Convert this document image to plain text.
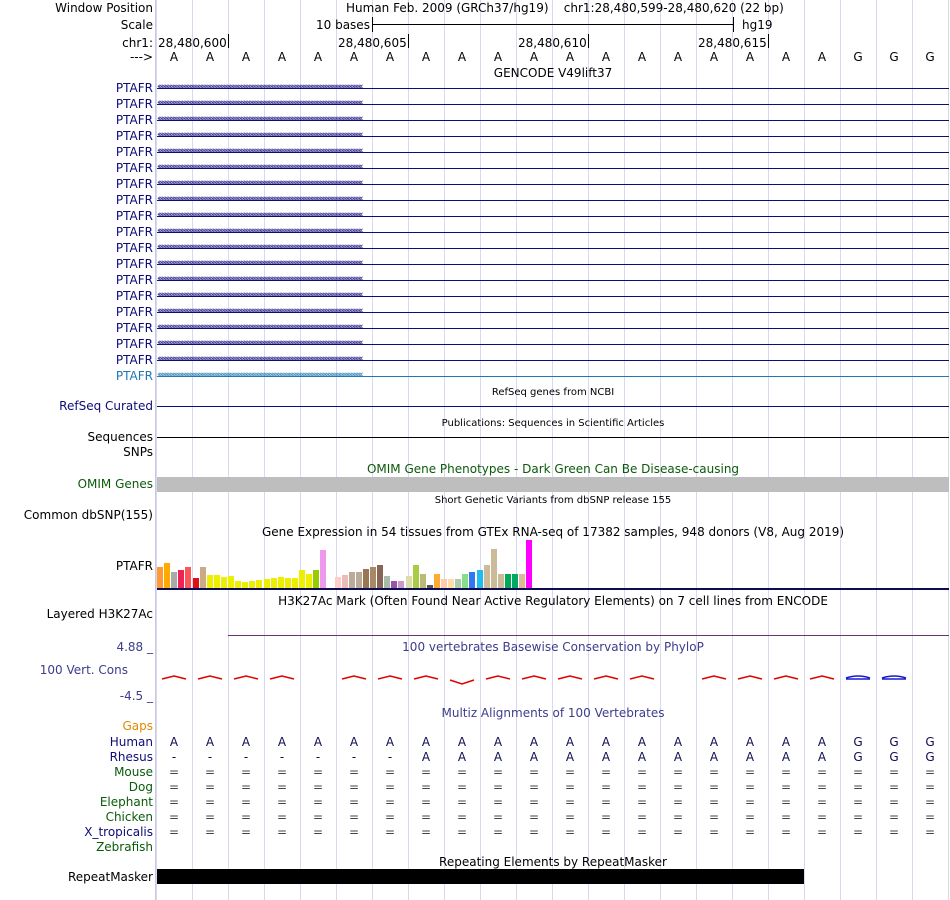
Window Position	Human Feb. 2009 (GRCh37/hg19) chr1:28,480,599-28,480,620 (22 bp)
Scale	10 bases	hg19
chr1: 28,480,600	28,480,605	28,480,610	28,480,615
--->	A	A	A	A	A	A	A	A	A	A	A	A	A	A	A	A	A	A	A	G	G	G
GENCODE V49lift37
PTAFR ‹‹‹‹‹‹‹‹‹‹‹‹‹‹‹‹‹‹‹‹‹‹‹‹‹‹‹‹‹‹‹‹‹‹‹‹‹‹‹‹‹‹‹‹‹‹‹‹‹‹‹‹‹‹‹‹‹‹‹‹‹‹‹‹‹‹‹‹‹‹‹‹‹‹‹‹‹‹‹‹‹‹‹‹‹‹‹‹‹‹‹‹‹‹‹‹‹‹‹‹‹‹‹‹‹‹‹‹‹‹‹‹‹‹‹‹‹‹‹‹‹‹‹‹‹‹‹‹‹‹‹‹
PTAFR ‹‹‹‹‹‹‹‹‹‹‹‹‹‹‹‹‹‹‹‹‹‹‹‹‹‹‹‹‹‹‹‹‹‹‹‹‹‹‹‹‹‹‹‹‹‹‹‹‹‹‹‹‹‹‹‹‹‹‹‹‹‹‹‹‹‹‹‹‹‹‹‹‹‹‹‹‹‹‹‹‹‹‹‹‹‹‹‹‹‹‹‹‹‹‹‹‹‹‹‹‹‹‹‹‹‹‹‹‹‹‹‹‹‹‹‹‹‹‹‹‹‹‹‹‹‹‹‹‹‹‹‹
PTAFR ‹‹‹‹‹‹‹‹‹‹‹‹‹‹‹‹‹‹‹‹‹‹‹‹‹‹‹‹‹‹‹‹‹‹‹‹‹‹‹‹‹‹‹‹‹‹‹‹‹‹‹‹‹‹‹‹‹‹‹‹‹‹‹‹‹‹‹‹‹‹‹‹‹‹‹‹‹‹‹‹‹‹‹‹‹‹‹‹‹‹‹‹‹‹‹‹‹‹‹‹‹‹‹‹‹‹‹‹‹‹‹‹‹‹‹‹‹‹‹‹‹‹‹‹‹‹‹‹‹‹‹‹
PTAFR ‹‹‹‹‹‹‹‹‹‹‹‹‹‹‹‹‹‹‹‹‹‹‹‹‹‹‹‹‹‹‹‹‹‹‹‹‹‹‹‹‹‹‹‹‹‹‹‹‹‹‹‹‹‹‹‹‹‹‹‹‹‹‹‹‹‹‹‹‹‹‹‹‹‹‹‹‹‹‹‹‹‹‹‹‹‹‹‹‹‹‹‹‹‹‹‹‹‹‹‹‹‹‹‹‹‹‹‹‹‹‹‹‹‹‹‹‹‹‹‹‹‹‹‹‹‹‹‹‹‹‹‹
PTAFR ‹‹‹‹‹‹‹‹‹‹‹‹‹‹‹‹‹‹‹‹‹‹‹‹‹‹‹‹‹‹‹‹‹‹‹‹‹‹‹‹‹‹‹‹‹‹‹‹‹‹‹‹‹‹‹‹‹‹‹‹‹‹‹‹‹‹‹‹‹‹‹‹‹‹‹‹‹‹‹‹‹‹‹‹‹‹‹‹‹‹‹‹‹‹‹‹‹‹‹‹‹‹‹‹‹‹‹‹‹‹‹‹‹‹‹‹‹‹‹‹‹‹‹‹‹‹‹‹‹‹‹‹
PTAFR ‹‹‹‹‹‹‹‹‹‹‹‹‹‹‹‹‹‹‹‹‹‹‹‹‹‹‹‹‹‹‹‹‹‹‹‹‹‹‹‹‹‹‹‹‹‹‹‹‹‹‹‹‹‹‹‹‹‹‹‹‹‹‹‹‹‹‹‹‹‹‹‹‹‹‹‹‹‹‹‹‹‹‹‹‹‹‹‹‹‹‹‹‹‹‹‹‹‹‹‹‹‹‹‹‹‹‹‹‹‹‹‹‹‹‹‹‹‹‹‹‹‹‹‹‹‹‹‹‹‹‹‹
PTAFR ‹‹‹‹‹‹‹‹‹‹‹‹‹‹‹‹‹‹‹‹‹‹‹‹‹‹‹‹‹‹‹‹‹‹‹‹‹‹‹‹‹‹‹‹‹‹‹‹‹‹‹‹‹‹‹‹‹‹‹‹‹‹‹‹‹‹‹‹‹‹‹‹‹‹‹‹‹‹‹‹‹‹‹‹‹‹‹‹‹‹‹‹‹‹‹‹‹‹‹‹‹‹‹‹‹‹‹‹‹‹‹‹‹‹‹‹‹‹‹‹‹‹‹‹‹‹‹‹‹‹‹‹
PTAFR ‹‹‹‹‹‹‹‹‹‹‹‹‹‹‹‹‹‹‹‹‹‹‹‹‹‹‹‹‹‹‹‹‹‹‹‹‹‹‹‹‹‹‹‹‹‹‹‹‹‹‹‹‹‹‹‹‹‹‹‹‹‹‹‹‹‹‹‹‹‹‹‹‹‹‹‹‹‹‹‹‹‹‹‹‹‹‹‹‹‹‹‹‹‹‹‹‹‹‹‹‹‹‹‹‹‹‹‹‹‹‹‹‹‹‹‹‹‹‹‹‹‹‹‹‹‹‹‹‹‹‹‹
PTAFR ‹‹‹‹‹‹‹‹‹‹‹‹‹‹‹‹‹‹‹‹‹‹‹‹‹‹‹‹‹‹‹‹‹‹‹‹‹‹‹‹‹‹‹‹‹‹‹‹‹‹‹‹‹‹‹‹‹‹‹‹‹‹‹‹‹‹‹‹‹‹‹‹‹‹‹‹‹‹‹‹‹‹‹‹‹‹‹‹‹‹‹‹‹‹‹‹‹‹‹‹‹‹‹‹‹‹‹‹‹‹‹‹‹‹‹‹‹‹‹‹‹‹‹‹‹‹‹‹‹‹‹‹
PTAFR ‹‹‹‹‹‹‹‹‹‹‹‹‹‹‹‹‹‹‹‹‹‹‹‹‹‹‹‹‹‹‹‹‹‹‹‹‹‹‹‹‹‹‹‹‹‹‹‹‹‹‹‹‹‹‹‹‹‹‹‹‹‹‹‹‹‹‹‹‹‹‹‹‹‹‹‹‹‹‹‹‹‹‹‹‹‹‹‹‹‹‹‹‹‹‹‹‹‹‹‹‹‹‹‹‹‹‹‹‹‹‹‹‹‹‹‹‹‹‹‹‹‹‹‹‹‹‹‹‹‹‹‹
PTAFR ‹‹‹‹‹‹‹‹‹‹‹‹‹‹‹‹‹‹‹‹‹‹‹‹‹‹‹‹‹‹‹‹‹‹‹‹‹‹‹‹‹‹‹‹‹‹‹‹‹‹‹‹‹‹‹‹‹‹‹‹‹‹‹‹‹‹‹‹‹‹‹‹‹‹‹‹‹‹‹‹‹‹‹‹‹‹‹‹‹‹‹‹‹‹‹‹‹‹‹‹‹‹‹‹‹‹‹‹‹‹‹‹‹‹‹‹‹‹‹‹‹‹‹‹‹‹‹‹‹‹‹‹
PTAFR ‹‹‹‹‹‹‹‹‹‹‹‹‹‹‹‹‹‹‹‹‹‹‹‹‹‹‹‹‹‹‹‹‹‹‹‹‹‹‹‹‹‹‹‹‹‹‹‹‹‹‹‹‹‹‹‹‹‹‹‹‹‹‹‹‹‹‹‹‹‹‹‹‹‹‹‹‹‹‹‹‹‹‹‹‹‹‹‹‹‹‹‹‹‹‹‹‹‹‹‹‹‹‹‹‹‹‹‹‹‹‹‹‹‹‹‹‹‹‹‹‹‹‹‹‹‹‹‹‹‹‹‹
PTAFR ‹‹‹‹‹‹‹‹‹‹‹‹‹‹‹‹‹‹‹‹‹‹‹‹‹‹‹‹‹‹‹‹‹‹‹‹‹‹‹‹‹‹‹‹‹‹‹‹‹‹‹‹‹‹‹‹‹‹‹‹‹‹‹‹‹‹‹‹‹‹‹‹‹‹‹‹‹‹‹‹‹‹‹‹‹‹‹‹‹‹‹‹‹‹‹‹‹‹‹‹‹‹‹‹‹‹‹‹‹‹‹‹‹‹‹‹‹‹‹‹‹‹‹‹‹‹‹‹‹‹‹‹
PTAFR ‹‹‹‹‹‹‹‹‹‹‹‹‹‹‹‹‹‹‹‹‹‹‹‹‹‹‹‹‹‹‹‹‹‹‹‹‹‹‹‹‹‹‹‹‹‹‹‹‹‹‹‹‹‹‹‹‹‹‹‹‹‹‹‹‹‹‹‹‹‹‹‹‹‹‹‹‹‹‹‹‹‹‹‹‹‹‹‹‹‹‹‹‹‹‹‹‹‹‹‹‹‹‹‹‹‹‹‹‹‹‹‹‹‹‹‹‹‹‹‹‹‹‹‹‹‹‹‹‹‹‹‹
PTAFR ‹‹‹‹‹‹‹‹‹‹‹‹‹‹‹‹‹‹‹‹‹‹‹‹‹‹‹‹‹‹‹‹‹‹‹‹‹‹‹‹‹‹‹‹‹‹‹‹‹‹‹‹‹‹‹‹‹‹‹‹‹‹‹‹‹‹‹‹‹‹‹‹‹‹‹‹‹‹‹‹‹‹‹‹‹‹‹‹‹‹‹‹‹‹‹‹‹‹‹‹‹‹‹‹‹‹‹‹‹‹‹‹‹‹‹‹‹‹‹‹‹‹‹‹‹‹‹‹‹‹‹‹
PTAFR ‹‹‹‹‹‹‹‹‹‹‹‹‹‹‹‹‹‹‹‹‹‹‹‹‹‹‹‹‹‹‹‹‹‹‹‹‹‹‹‹‹‹‹‹‹‹‹‹‹‹‹‹‹‹‹‹‹‹‹‹‹‹‹‹‹‹‹‹‹‹‹‹‹‹‹‹‹‹‹‹‹‹‹‹‹‹‹‹‹‹‹‹‹‹‹‹‹‹‹‹‹‹‹‹‹‹‹‹‹‹‹‹‹‹‹‹‹‹‹‹‹‹‹‹‹‹‹‹‹‹‹‹
PTAFR ‹‹‹‹‹‹‹‹‹‹‹‹‹‹‹‹‹‹‹‹‹‹‹‹‹‹‹‹‹‹‹‹‹‹‹‹‹‹‹‹‹‹‹‹‹‹‹‹‹‹‹‹‹‹‹‹‹‹‹‹‹‹‹‹‹‹‹‹‹‹‹‹‹‹‹‹‹‹‹‹‹‹‹‹‹‹‹‹‹‹‹‹‹‹‹‹‹‹‹‹‹‹‹‹‹‹‹‹‹‹‹‹‹‹‹‹‹‹‹‹‹‹‹‹‹‹‹‹‹‹‹‹
PTAFR ‹‹‹‹‹‹‹‹‹‹‹‹‹‹‹‹‹‹‹‹‹‹‹‹‹‹‹‹‹‹‹‹‹‹‹‹‹‹‹‹‹‹‹‹‹‹‹‹‹‹‹‹‹‹‹‹‹‹‹‹‹‹‹‹‹‹‹‹‹‹‹‹‹‹‹‹‹‹‹‹‹‹‹‹‹‹‹‹‹‹‹‹‹‹‹‹‹‹‹‹‹‹‹‹‹‹‹‹‹‹‹‹‹‹‹‹‹‹‹‹‹‹‹‹‹‹‹‹‹‹‹‹
PTAFR ‹‹‹‹‹‹‹‹‹‹‹‹‹‹‹‹‹‹‹‹‹‹‹‹‹‹‹‹‹‹‹‹‹‹‹‹‹‹‹‹‹‹‹‹‹‹‹‹‹‹‹‹‹‹‹‹‹‹‹‹‹‹‹‹‹‹‹‹‹‹‹‹‹‹‹‹‹‹‹‹‹‹‹‹‹‹‹‹‹‹‹‹‹‹‹‹‹‹‹‹‹‹‹‹‹‹‹‹‹‹‹‹‹‹‹‹‹‹‹‹‹‹‹‹‹‹‹‹‹‹‹‹
RefSeq genes from NCBI
RefSeq Curated
Publications: Sequences in Scientific Articles
Sequences
SNPs
OMIM Gene Phenotypes - Dark Green Can Be Disease-causing
OMIM Genes
Short Genetic Variants from dbSNP release 155
Common dbSNP(155)
Gene Expression in 54 tissues from GTEx RNA-seq of 17382 samples, 948 donors (V8, Aug 2019)
PTAFR
H3K27Ac Mark (Often Found Near Active Regulatory Elements) on 7 cell lines from ENCODE
Layered H3K27Ac
100 vertebrates Basewise Conservation by PhyloP
4.88 _
100 Vert. Cons
-4.5 _
Multiz Alignments of 100 Vertebrates
Gaps
Human	A	A	A	A	A	A	A	A	A	A	A	A	A	A	A	A	A	A	A	G	G	G
Rhesus	-	-	-	-	-	-	-	A	A	A	A	A	A	A	A	A	A	A	A	G	G	G
Mouse	=	=	=	=	=	=	=	=	=	=	=	=	=	=	=	=	=	=	=	=	=	=
Dog	=	=	=	=	=	=	=	=	=	=	=	=	=	=	=	=	=	=	=	=	=	=
Elephant	=	=	=	=	=	=	=	=	=	=	=	=	=	=	=	=	=	=	=	=	=	=
Chicken	=	=	=	=	=	=	=	=	=	=	=	=	=	=	=	=	=	=	=	=	=	=
X_tropicalis	=	=	=	=	=	=	=	=	=	=	=	=	=	=	=	=	=	=	=	=	=	=
Zebrafish
Repeating Elements by RepeatMasker
RepeatMasker
